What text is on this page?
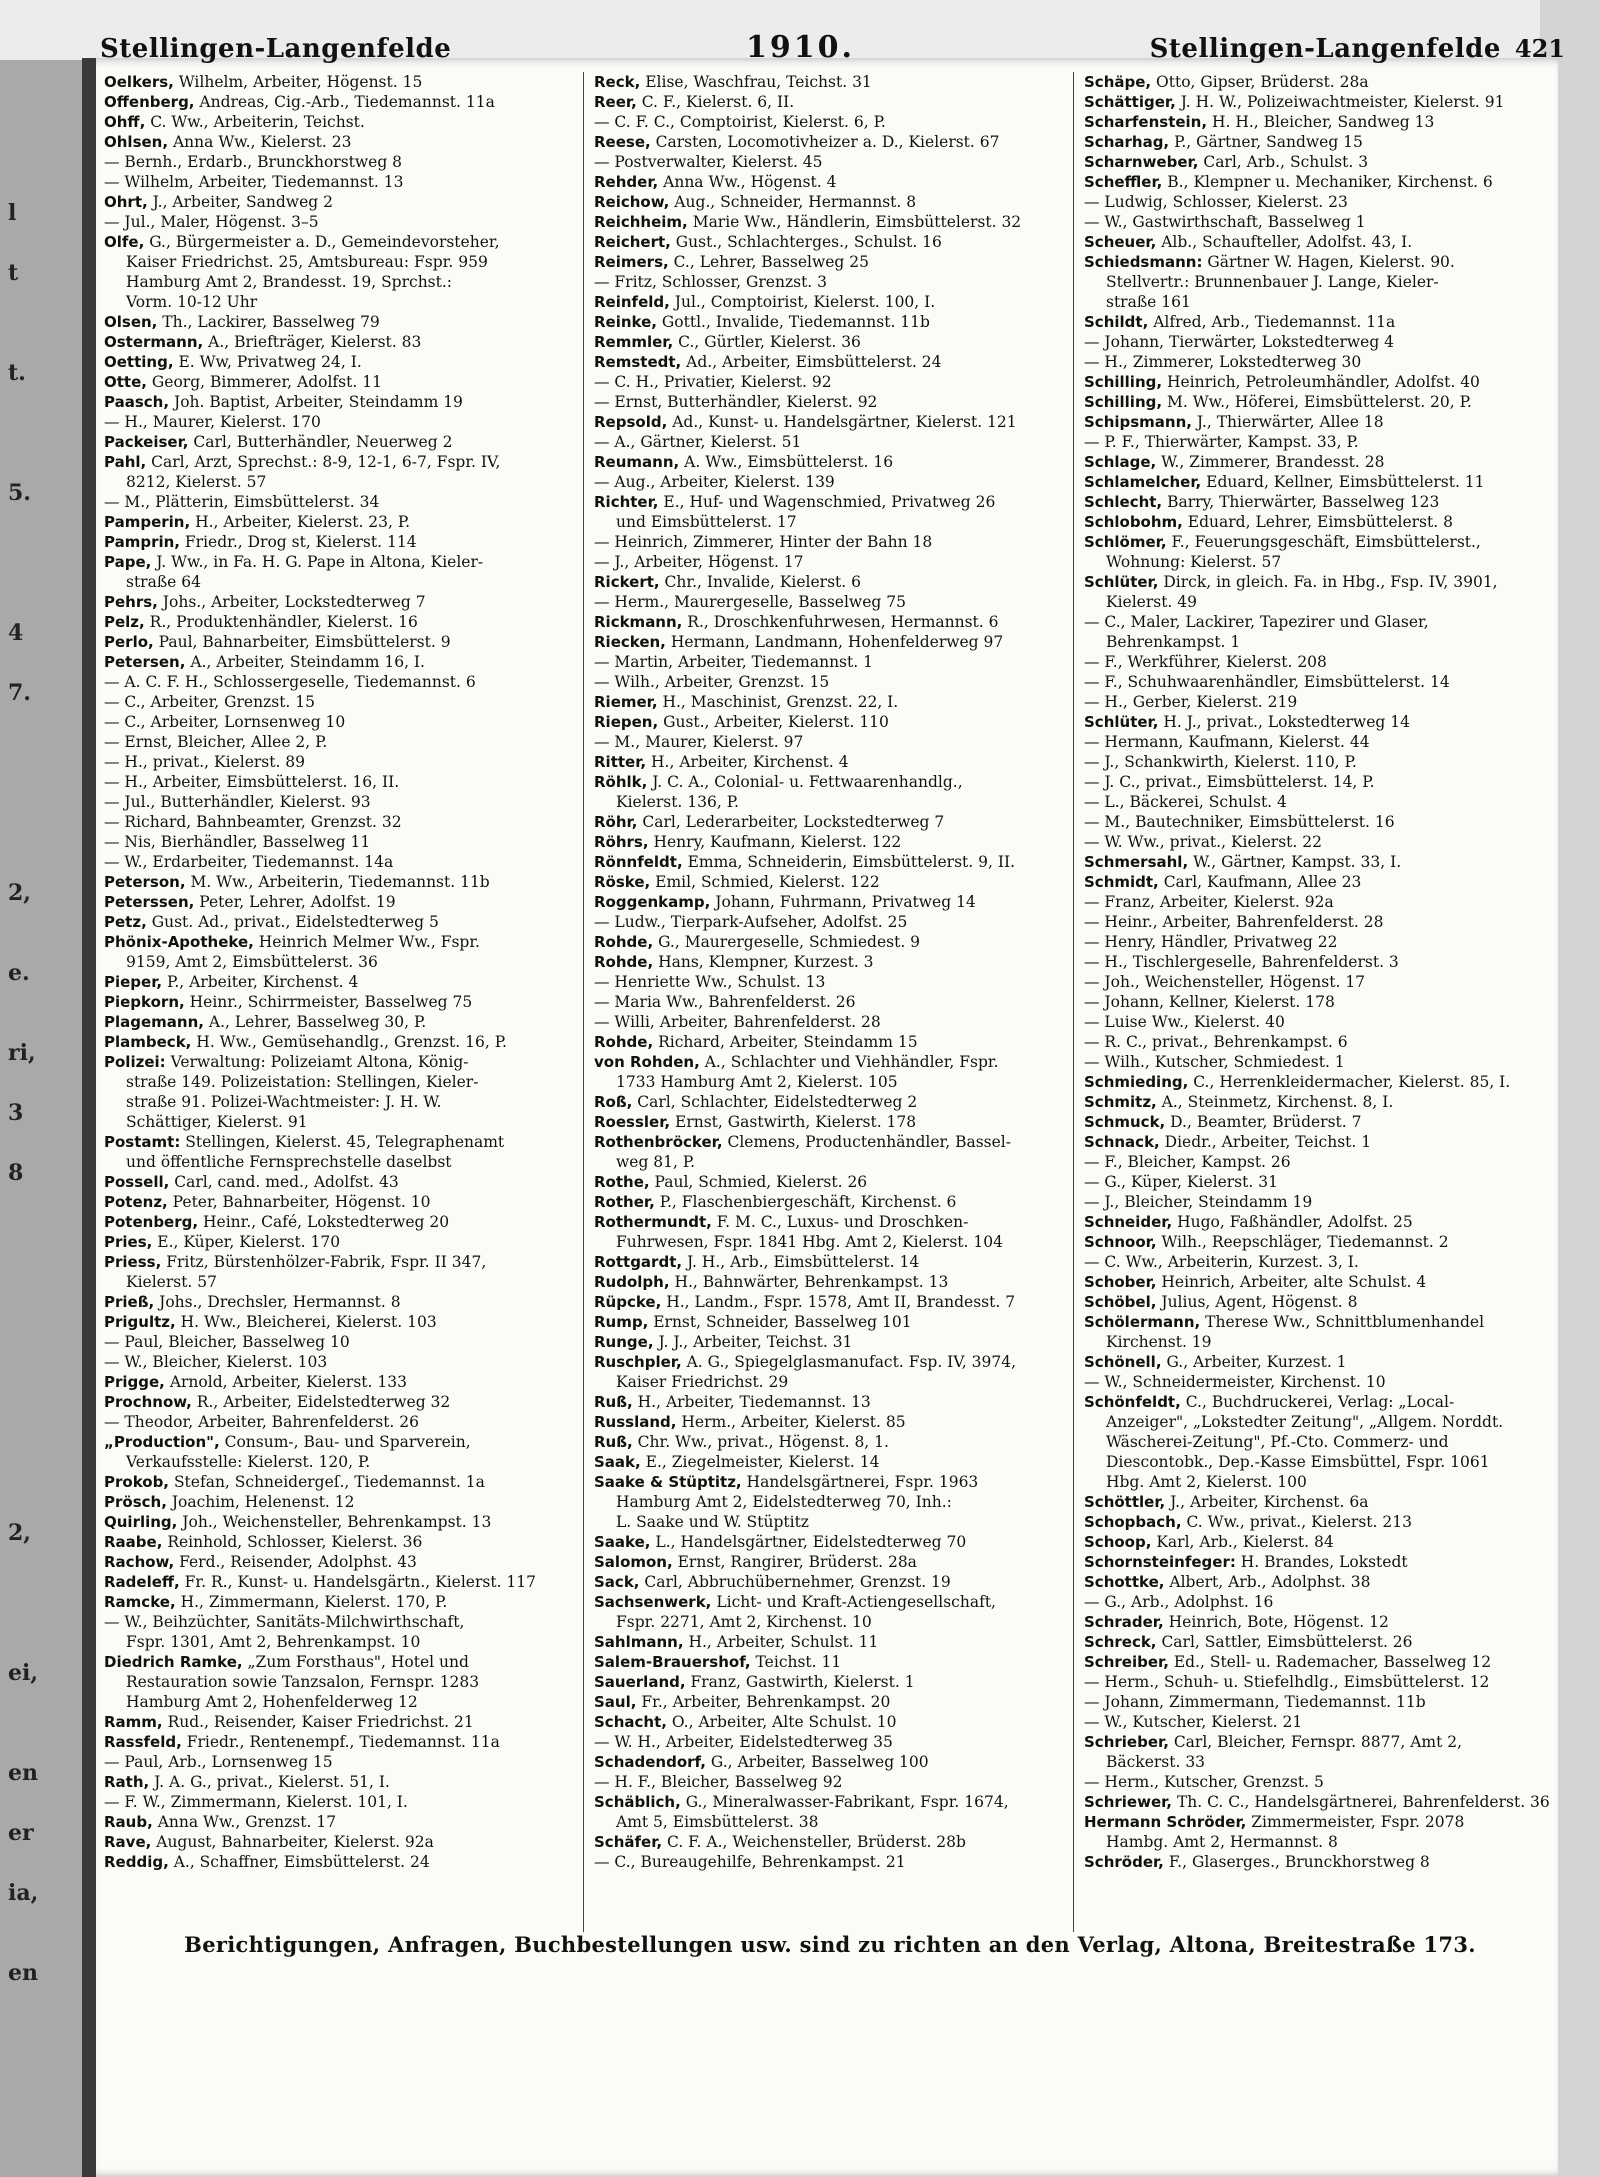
l
t
t.
5.
4
7.
2,
e.
ri,
3
8
2,
ei,
en
er
ia,
en
Stellingen-Langenfelde	1910.	Stellingen-Langenfelde 421
Oelkers, Wilhelm, Arbeiter, Högenst. 15
Offenberg, Andreas, Cig.-Arb., Tiedemannst. 11a
Ohff, C. Ww., Arbeiterin, Teichst.
Ohlsen, Anna Ww., Kielerst. 23
— Bernh., Erdarb., Brunckhorstweg 8
— Wilhelm, Arbeiter, Tiedemannst. 13
Ohrt, J., Arbeiter, Sandweg 2
— Jul., Maler, Högenst. 3–5
Olfe, G., Bürgermeister a. D., Gemeindevorsteher,
Kaiser Friedrichst. 25, Amtsbureau: Fspr. 959
Hamburg Amt 2, Brandesst. 19, Sprchst.:
Vorm. 10-12 Uhr
Olsen, Th., Lackirer, Basselweg 79
Ostermann, A., Briefträger, Kielerst. 83
Oetting, E. Ww, Privatweg 24, I.
Otte, Georg, Bimmerer, Adolfst. 11
Paasch, Joh. Baptist, Arbeiter, Steindamm 19
— H., Maurer, Kielerst. 170
Packeiser, Carl, Butterhändler, Neuerweg 2
Pahl, Carl, Arzt, Sprechst.: 8-9, 12-1, 6-7, Fspr. IV,
8212, Kielerst. 57
— M., Plätterin, Eimsbüttelerst. 34
Pamperin, H., Arbeiter, Kielerst. 23, P.
Pamprin, Friedr., Drog st, Kielerst. 114
Pape, J. Ww., in Fa. H. G. Pape in Altona, Kieler-
straße 64
Pehrs, Johs., Arbeiter, Lockstedterweg 7
Pelz, R., Produktenhändler, Kielerst. 16
Perlo, Paul, Bahnarbeiter, Eimsbüttelerst. 9
Petersen, A., Arbeiter, Steindamm 16, I.
— A. C. F. H., Schlossergeselle, Tiedemannst. 6
— C., Arbeiter, Grenzst. 15
— C., Arbeiter, Lornsenweg 10
— Ernst, Bleicher, Allee 2, P.
— H., privat., Kielerst. 89
— H., Arbeiter, Eimsbüttelerst. 16, II.
— Jul., Butterhändler, Kielerst. 93
— Richard, Bahnbeamter, Grenzst. 32
— Nis, Bierhändler, Basselweg 11
— W., Erdarbeiter, Tiedemannst. 14a
Peterson, M. Ww., Arbeiterin, Tiedemannst. 11b
Peterssen, Peter, Lehrer, Adolfst. 19
Petz, Gust. Ad., privat., Eidelstedterweg 5
Phönix-Apotheke, Heinrich Melmer Ww., Fspr.
9159, Amt 2, Eimsbüttelerst. 36
Pieper, P., Arbeiter, Kirchenst. 4
Piepkorn, Heinr., Schirrmeister, Basselweg 75
Plagemann, A., Lehrer, Basselweg 30, P.
Plambeck, H. Ww., Gemüsehandlg., Grenzst. 16, P.
Polizei: Verwaltung: Polizeiamt Altona, König-
straße 149. Polizeistation: Stellingen, Kieler-
straße 91. Polizei-Wachtmeister: J. H. W.
Schättiger, Kielerst. 91
Postamt: Stellingen, Kielerst. 45, Telegraphenamt
und öffentliche Fernsprechstelle daselbst
Possell, Carl, cand. med., Adolfst. 43
Potenz, Peter, Bahnarbeiter, Högenst. 10
Potenberg, Heinr., Café, Lokstedterweg 20
Pries, E., Küper, Kielerst. 170
Priess, Fritz, Bürstenhölzer-Fabrik, Fspr. II 347,
Kielerst. 57
Prieß, Johs., Drechsler, Hermannst. 8
Prigultz, H. Ww., Bleicherei, Kielerst. 103
— Paul, Bleicher, Basselweg 10
— W., Bleicher, Kielerst. 103
Prigge, Arnold, Arbeiter, Kielerst. 133
Prochnow, R., Arbeiter, Eidelstedterweg 32
— Theodor, Arbeiter, Bahrenfelderst. 26
„Production", Consum-, Bau- und Sparverein,
Verkaufsstelle: Kielerst. 120, P.
Prokob, Stefan, Schneidergeſ., Tiedemannst. 1a
Prösch, Joachim, Helenenst. 12
Quirling, Joh., Weichensteller, Behrenkampst. 13
Raabe, Reinhold, Schlosser, Kielerst. 36
Rachow, Ferd., Reisender, Adolphst. 43
Radeleff, Fr. R., Kunst- u. Handelsgärtn., Kielerst. 117
Ramcke, H., Zimmermann, Kielerst. 170, P.
— W., Beihzüchter, Sanitäts-Milchwirthschaft,
Fspr. 1301, Amt 2, Behrenkampst. 10
Diedrich Ramke, „Zum Forsthaus", Hotel und
Restauration sowie Tanzsalon, Fernspr. 1283
Hamburg Amt 2, Hohenfelderweg 12
Ramm, Rud., Reisender, Kaiser Friedrichst. 21
Rassfeld, Friedr., Rentenempf., Tiedemannst. 11a
— Paul, Arb., Lornsenweg 15
Rath, J. A. G., privat., Kielerst. 51, I.
— F. W., Zimmermann, Kielerst. 101, I.
Raub, Anna Ww., Grenzst. 17
Rave, August, Bahnarbeiter, Kielerst. 92a
Reddig, A., Schaffner, Eimsbüttelerst. 24
Reck, Elise, Waschfrau, Teichst. 31
Reer, C. F., Kielerst. 6, II.
— C. F. C., Comptoirist, Kielerst. 6, P.
Reese, Carsten, Locomotivheizer a. D., Kielerst. 67
— Postverwalter, Kielerst. 45
Rehder, Anna Ww., Högenst. 4
Reichow, Aug., Schneider, Hermannst. 8
Reichheim, Marie Ww., Händlerin, Eimsbüttelerst. 32
Reichert, Gust., Schlachterges., Schulst. 16
Reimers, C., Lehrer, Basselweg 25
— Fritz, Schlosser, Grenzst. 3
Reinfeld, Jul., Comptoirist, Kielerst. 100, I.
Reinke, Gottl., Invalide, Tiedemannst. 11b
Remmler, C., Gürtler, Kielerst. 36
Remstedt, Ad., Arbeiter, Eimsbüttelerst. 24
— C. H., Privatier, Kielerst. 92
— Ernst, Butterhändler, Kielerst. 92
Repsold, Ad., Kunst- u. Handelsgärtner, Kielerst. 121
— A., Gärtner, Kielerst. 51
Reumann, A. Ww., Eimsbüttelerst. 16
— Aug., Arbeiter, Kielerst. 139
Richter, E., Huf- und Wagenschmied, Privatweg 26
und Eimsbüttelerst. 17
— Heinrich, Zimmerer, Hinter der Bahn 18
— J., Arbeiter, Högenst. 17
Rickert, Chr., Invalide, Kielerst. 6
— Herm., Maurergeselle, Basselweg 75
Rickmann, R., Droschkenfuhrwesen, Hermannst. 6
Riecken, Hermann, Landmann, Hohenfelderweg 97
— Martin, Arbeiter, Tiedemannst. 1
— Wilh., Arbeiter, Grenzst. 15
Riemer, H., Maschinist, Grenzst. 22, I.
Riepen, Gust., Arbeiter, Kielerst. 110
— M., Maurer, Kielerst. 97
Ritter, H., Arbeiter, Kirchenst. 4
Röhlk, J. C. A., Colonial- u. Fettwaarenhandlg.,
Kielerst. 136, P.
Röhr, Carl, Lederarbeiter, Lockstedterweg 7
Röhrs, Henry, Kaufmann, Kielerst. 122
Rönnfeldt, Emma, Schneiderin, Eimsbüttelerst. 9, II.
Röske, Emil, Schmied, Kielerst. 122
Roggenkamp, Johann, Fuhrmann, Privatweg 14
— Ludw., Tierpark-Aufseher, Adolfst. 25
Rohde, G., Maurergeselle, Schmiedest. 9
Rohde, Hans, Klempner, Kurzest. 3
— Henriette Ww., Schulst. 13
— Maria Ww., Bahrenfelderst. 26
— Willi, Arbeiter, Bahrenfelderst. 28
Rohde, Richard, Arbeiter, Steindamm 15
von Rohden, A., Schlachter und Viehhändler, Fspr.
1733 Hamburg Amt 2, Kielerst. 105
Roß, Carl, Schlachter, Eidelstedterweg 2
Roessler, Ernst, Gastwirth, Kielerst. 178
Rothenbröcker, Clemens, Productenhändler, Bassel-
weg 81, P.
Rothe, Paul, Schmied, Kielerst. 26
Rother, P., Flaschenbiergeschäft, Kirchenst. 6
Rothermundt, F. M. C., Luxus- und Droschken-
Fuhrwesen, Fspr. 1841 Hbg. Amt 2, Kielerst. 104
Rottgardt, J. H., Arb., Eimsbüttelerst. 14
Rudolph, H., Bahnwärter, Behrenkampst. 13
Rüpcke, H., Landm., Fspr. 1578, Amt II, Brandesst. 7
Rump, Ernst, Schneider, Basselweg 101
Runge, J. J., Arbeiter, Teichst. 31
Ruschpler, A. G., Spiegelglasmanufact. Fsp. IV, 3974,
Kaiser Friedrichst. 29
Ruß, H., Arbeiter, Tiedemannst. 13
Russland, Herm., Arbeiter, Kielerst. 85
Ruß, Chr. Ww., privat., Högenst. 8, 1.
Saak, E., Ziegelmeister, Kielerst. 14
Saake & Stüptitz, Handelsgärtnerei, Fspr. 1963
Hamburg Amt 2, Eidelstedterweg 70, Inh.:
L. Saake und W. Stüptitz
Saake, L., Handelsgärtner, Eidelstedterweg 70
Salomon, Ernst, Rangirer, Brüderst. 28a
Sack, Carl, Abbruchübernehmer, Grenzst. 19
Sachsenwerk, Licht- und Kraft-Actiengesellschaft,
Fspr. 2271, Amt 2, Kirchenst. 10
Sahlmann, H., Arbeiter, Schulst. 11
Salem-Brauershof, Teichst. 11
Sauerland, Franz, Gastwirth, Kielerst. 1
Saul, Fr., Arbeiter, Behrenkampst. 20
Schacht, O., Arbeiter, Alte Schulst. 10
— W. H., Arbeiter, Eidelstedterweg 35
Schadendorf, G., Arbeiter, Basselweg 100
— H. F., Bleicher, Basselweg 92
Schäblich, G., Mineralwasser-Fabrikant, Fspr. 1674,
Amt 5, Eimsbüttelerst. 38
Schäfer, C. F. A., Weichensteller, Brüderst. 28b
— C., Bureaugehilfe, Behrenkampst. 21
Schäpe, Otto, Gipser, Brüderst. 28a
Schättiger, J. H. W., Polizeiwachtmeister, Kielerst. 91
Scharfenstein, H. H., Bleicher, Sandweg 13
Scharhag, P., Gärtner, Sandweg 15
Scharnweber, Carl, Arb., Schulst. 3
Scheffler, B., Klempner u. Mechaniker, Kirchenst. 6
— Ludwig, Schlosser, Kielerst. 23
— W., Gastwirthschaft, Basselweg 1
Scheuer, Alb., Schaufteller, Adolfst. 43, I.
Schiedsmann: Gärtner W. Hagen, Kielerst. 90.
Stellvertr.: Brunnenbauer J. Lange, Kieler-
straße 161
Schildt, Alfred, Arb., Tiedemannst. 11a
— Johann, Tierwärter, Lokstedterweg 4
— H., Zimmerer, Lokstedterweg 30
Schilling, Heinrich, Petroleumhändler, Adolfst. 40
Schilling, M. Ww., Höferei, Eimsbüttelerst. 20, P.
Schipsmann, J., Thierwärter, Allee 18
— P. F., Thierwärter, Kampst. 33, P.
Schlage, W., Zimmerer, Brandesst. 28
Schlamelcher, Eduard, Kellner, Eimsbüttelerst. 11
Schlecht, Barry, Thierwärter, Basselweg 123
Schlobohm, Eduard, Lehrer, Eimsbüttelerst. 8
Schlömer, F., Feuerungsgeschäft, Eimsbüttelerst.,
Wohnung: Kielerst. 57
Schlüter, Dirck, in gleich. Fa. in Hbg., Fsp. IV, 3901,
Kielerst. 49
— C., Maler, Lackirer, Tapezirer und Glaser,
Behrenkampst. 1
— F., Werkführer, Kielerst. 208
— F., Schuhwaarenhändler, Eimsbüttelerst. 14
— H., Gerber, Kielerst. 219
Schlüter, H. J., privat., Lokstedterweg 14
— Hermann, Kaufmann, Kielerst. 44
— J., Schankwirth, Kielerst. 110, P.
— J. C., privat., Eimsbüttelerst. 14, P.
— L., Bäckerei, Schulst. 4
— M., Bautechniker, Eimsbüttelerst. 16
— W. Ww., privat., Kielerst. 22
Schmersahl, W., Gärtner, Kampst. 33, I.
Schmidt, Carl, Kaufmann, Allee 23
— Franz, Arbeiter, Kielerst. 92a
— Heinr., Arbeiter, Bahrenfelderst. 28
— Henry, Händler, Privatweg 22
— H., Tischlergeselle, Bahrenfelderst. 3
— Joh., Weichensteller, Högenst. 17
— Johann, Kellner, Kielerst. 178
— Luise Ww., Kielerst. 40
— R. C., privat., Behrenkampst. 6
— Wilh., Kutscher, Schmiedest. 1
Schmieding, C., Herrenkleidermacher, Kielerst. 85, I.
Schmitz, A., Steinmetz, Kirchenst. 8, I.
Schmuck, D., Beamter, Brüderst. 7
Schnack, Diedr., Arbeiter, Teichst. 1
— F., Bleicher, Kampst. 26
— G., Küper, Kielerst. 31
— J., Bleicher, Steindamm 19
Schneider, Hugo, Faßhändler, Adolfst. 25
Schnoor, Wilh., Reepschläger, Tiedemannst. 2
— C. Ww., Arbeiterin, Kurzest. 3, I.
Schober, Heinrich, Arbeiter, alte Schulst. 4
Schöbel, Julius, Agent, Högenst. 8
Schölermann, Therese Ww., Schnittblumenhandel
Kirchenst. 19
Schönell, G., Arbeiter, Kurzest. 1
— W., Schneidermeister, Kirchenst. 10
Schönfeldt, C., Buchdruckerei, Verlag: „Local-
Anzeiger", „Lokstedter Zeitung", „Allgem. Norddt.
Wäscherei-Zeitung", Pf.-Cto. Commerz- und
Diescontobk., Dep.-Kasse Eimsbüttel, Fspr. 1061
Hbg. Amt 2, Kielerst. 100
Schöttler, J., Arbeiter, Kirchenst. 6a
Schopbach, C. Ww., privat., Kielerst. 213
Schoop, Karl, Arb., Kielerst. 84
Schornsteinfeger: H. Brandes, Lokstedt
Schottke, Albert, Arb., Adolphst. 38
— G., Arb., Adolphst. 16
Schrader, Heinrich, Bote, Högenst. 12
Schreck, Carl, Sattler, Eimsbüttelerst. 26
Schreiber, Ed., Stell- u. Rademacher, Basselweg 12
— Herm., Schuh- u. Stiefelhdlg., Eimsbüttelerst. 12
— Johann, Zimmermann, Tiedemannst. 11b
— W., Kutscher, Kielerst. 21
Schrieber, Carl, Bleicher, Fernspr. 8877, Amt 2,
Bäckerst. 33
— Herm., Kutscher, Grenzst. 5
Schriewer, Th. C. C., Handelsgärtnerei, Bahrenfelderst. 36
Hermann Schröder, Zimmermeister, Fspr. 2078
Hambg. Amt 2, Hermannst. 8
Schröder, F., Glaserges., Brunckhorstweg 8
Berichtigungen, Anfragen, Buchbestellungen usw. sind zu richten an den Verlag, Altona, Breitestraße 173.
